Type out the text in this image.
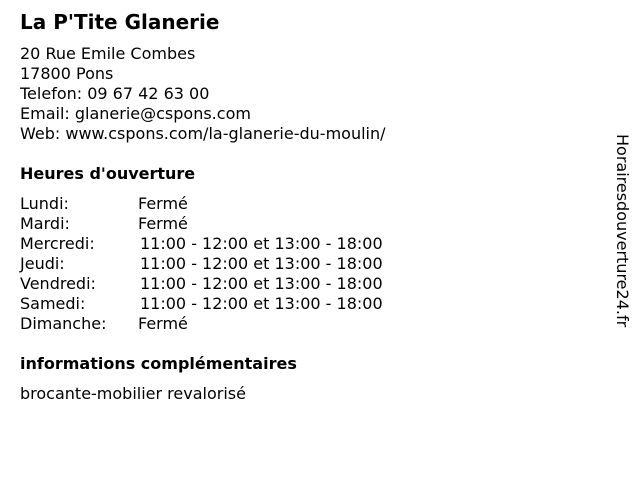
La P'Tite Glanerie
20 Rue Emile Combes
17800 Pons
Telefon: 09 67 42 63 00
Email: glanerie@cspons.com
Web: www.cspons.com/la-glanerie-du-moulin/
Heures d'ouverture
Lundi:	Fermé
Mardi:	Fermé
Mercredi:	11:00 - 12:00 et 13:00 - 18:00
Jeudi:	11:00 - 12:00 et 13:00 - 18:00
Vendredi:	11:00 - 12:00 et 13:00 - 18:00
Samedi:	11:00 - 12:00 et 13:00 - 18:00
Dimanche: Fermé
informations complémentaires
brocante-mobilier revalorisé
Horairesdouverture24.fr
